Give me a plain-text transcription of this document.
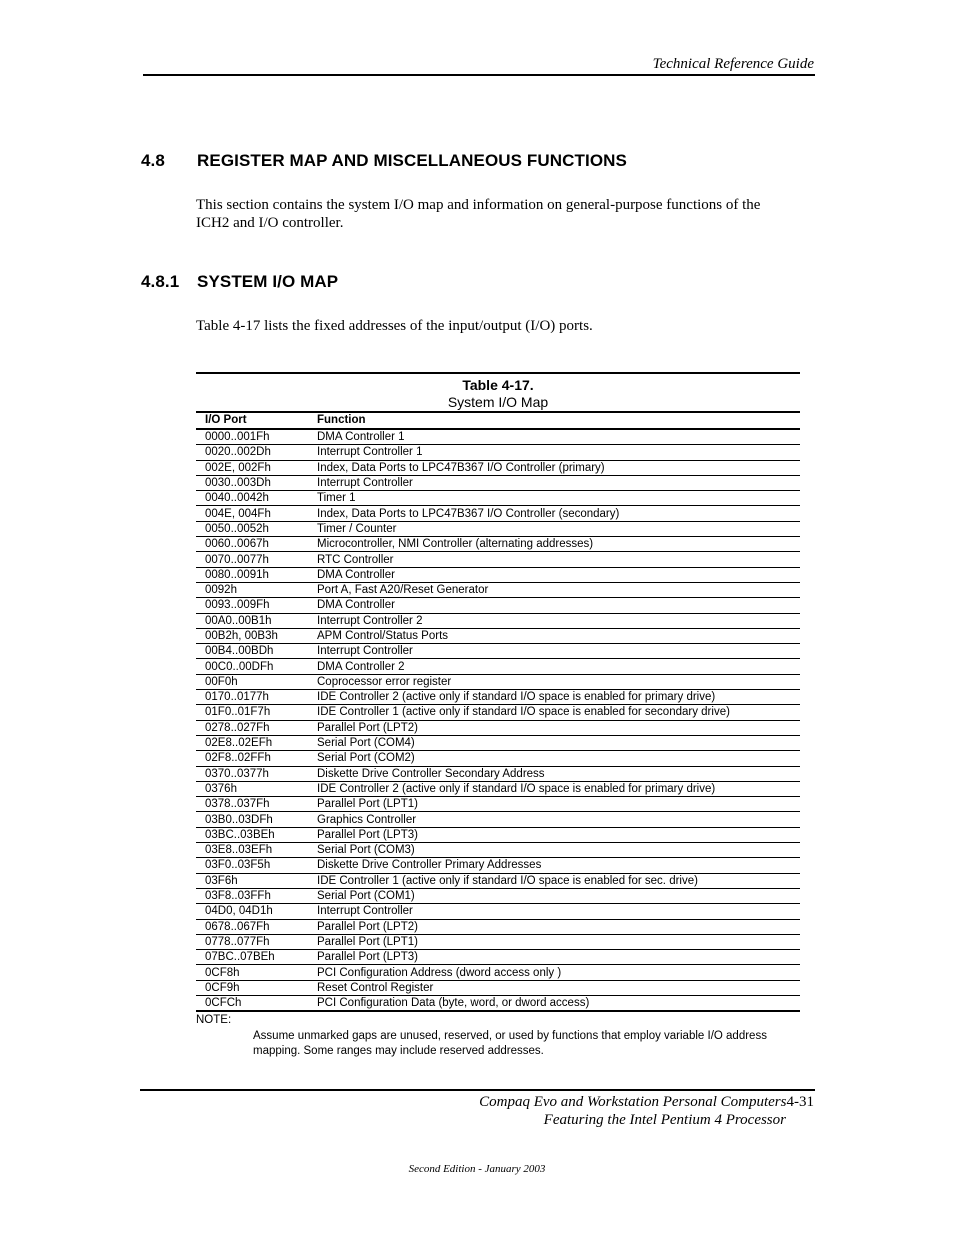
Technical Reference Guide
4.8 REGISTER MAP AND MISCELLANEOUS FUNCTIONS
This section contains the system I/O map and information on general-purpose functions of the ICH2 and I/O controller.
4.8.1 SYSTEM I/O MAP
Table 4-17 lists the fixed addresses of the input/output (I/O) ports.
Table 4-17.
System I/O Map
I/O Port	Function
0000..001Fh	DMA Controller 1
0020..002Dh	Interrupt Controller 1
002E, 002Fh	Index, Data Ports to LPC47B367 I/O Controller (primary)
0030..003Dh	Interrupt Controller
0040..0042h	Timer 1
004E, 004Fh	Index, Data Ports to LPC47B367 I/O Controller (secondary)
0050..0052h	Timer / Counter
0060..0067h	Microcontroller, NMI Controller (alternating addresses)
0070..0077h	RTC Controller
0080..0091h	DMA Controller
0092h	Port A, Fast A20/Reset Generator
0093..009Fh	DMA Controller
00A0..00B1h	Interrupt Controller 2
00B2h, 00B3h	APM Control/Status Ports
00B4..00BDh	Interrupt Controller
00C0..00DFh	DMA Controller 2
00F0h	Coprocessor error register
0170..0177h	IDE Controller 2 (active only if standard I/O space is enabled for primary drive)
01F0..01F7h	IDE Controller 1 (active only if standard I/O space is enabled for secondary drive)
0278..027Fh	Parallel Port (LPT2)
02E8..02EFh	Serial Port (COM4)
02F8..02FFh	Serial Port (COM2)
0370..0377h	Diskette Drive Controller Secondary Address
0376h	IDE Controller 2 (active only if standard I/O space is enabled for primary drive)
0378..037Fh	Parallel Port (LPT1)
03B0..03DFh	Graphics Controller
03BC..03BEh	Parallel Port (LPT3)
03E8..03EFh	Serial Port (COM3)
03F0..03F5h	Diskette Drive Controller Primary Addresses
03F6h	IDE Controller 1 (active only if standard I/O space is enabled for sec. drive)
03F8..03FFh	Serial Port (COM1)
04D0, 04D1h	Interrupt Controller
0678..067Fh	Parallel Port (LPT2)
0778..077Fh	Parallel Port (LPT1)
07BC..07BEh	Parallel Port (LPT3)
0CF8h	PCI Configuration Address (dword access only )
0CF9h	Reset Control Register
0CFCh	PCI Configuration Data (byte, word, or dword access)
NOTE:
Assume unmarked gaps are unused, reserved, or used by functions that employ variable I/O address mapping. Some ranges may include reserved addresses.
Compaq Evo and Workstation Personal Computers4-31
Featuring the Intel Pentium 4 Processor
Second Edition - January 2003
